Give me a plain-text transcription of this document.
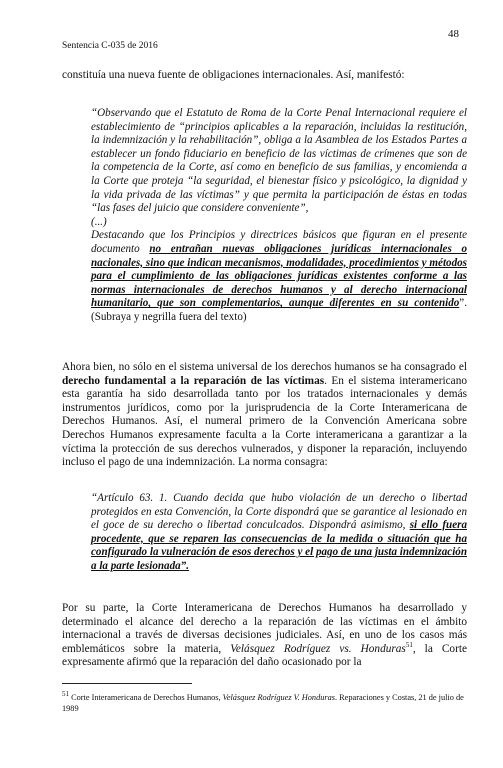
48
Sentencia C-035 de 2016

constituía una nueva fuente de obligaciones internacionales. Así, manifestó:

“Observando que el Estatuto de Roma de la Corte Penal Internacional requiere el establecimiento de “principios aplicables a la reparación, incluidas la restitución, la indemnización y la rehabilitación”, obliga a la Asamblea de los Estados Partes a establecer un fondo fiduciario en beneficio de las víctimas de crímenes que son de la competencia de la Corte, así como en beneficio de sus familias, y encomienda a la Corte que proteja “la seguridad, el bienestar físico y psicológico, la dignidad y la vida privada de las víctimas” y que permita la participación de éstas en todas “las fases del juicio que considere conveniente”,

(...)

Destacando que los Principios y directrices básicos que figuran en el presente documento no entrañan nuevas obligaciones jurídicas internacionales o nacionales, sino que indican mecanismos, modalidades, procedimientos y métodos para el cumplimiento de las obligaciones jurídicas existentes conforme a las normas internacionales de derechos humanos y al derecho internacional humanitario, que son complementarios, aunque diferentes en su contenido”.(Subraya y negrilla fuera del texto)

Ahora bien, no sólo en el sistema universal de los derechos humanos se ha consagrado el derecho fundamental a la reparación de las víctimas. En el sistema interamericano esta garantía ha sido desarrollada tanto por los tratados internacionales y demás instrumentos jurídicos, como por la jurisprudencia de la Corte Interamericana de Derechos Humanos. Así, el numeral primero de la Convención Americana sobre Derechos Humanos expresamente faculta a la Corte interamericana a garantizar a la víctima la protección de sus derechos vulnerados, y disponer la reparación, incluyendo incluso el pago de una indemnización. La norma consagra:

“Artículo 63. 1. Cuando decida que hubo violación de un derecho o libertad protegidos en esta Convención, la Corte dispondrá que se garantice al lesionado en el goce de su derecho o libertad conculcados. Dispondrá asimismo, si ello fuera procedente, que se reparen las consecuencias de la medida o situación que ha configurado la vulneración de esos derechos y el pago de una justa indemnización a la parte lesionada”.

Por su parte, la Corte Interamericana de Derechos Humanos ha desarrollado y determinado el alcance del derecho a la reparación de las víctimas en el ámbito internacional a través de diversas decisiones judiciales. Así, en uno de los casos más emblemáticos sobre la materia, Velásquez Rodríguez vs. Honduras$^{51}$, la Corte expresamente afirmó que la reparación del daño ocasionado por la

$^{51}$ Corte Interamericana de Derechos Humanos, Velásquez Rodríguez V. Honduras. Reparaciones y Costas, 21 de julio de 1989
